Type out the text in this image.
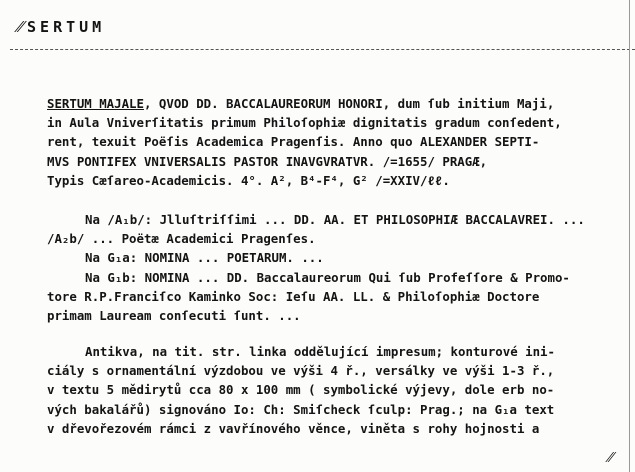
⁄⁄ SERTUM
SERTUM MAJALE, QVOD DD. BACCALAUREORUM HONORI, dum ſub initium Maji,
in Aula Vniverſitatis primum Philoſophiæ dignitatis gradum conſedent,
rent, texuit Poëſis Academica Pragenſis. Anno quo ALEXANDER SEPTI-
MVS PONTIFEX VNIVERSALIS PASTOR INAVGVRATVR. /=1655/ PRAGÆ,
Typis Cæſareo-Academicis. 4°. A², B⁴-F⁴, G² /=XXIV/ℓℓ.
Na /A₁b/: Jlluſtriſſimi ... DD. AA. ET PHILOSOPHIÆ BACCALAVREI. ...
/A₂b/ ... Poëtæ Academici Pragenſes.
Na G₁a: NOMINA ... POETARUM. ...
Na G₁b: NOMINA ... DD. Baccalaureorum Qui ſub Profeſſore & Promo-
tore R.P.Franciſco Kaminko Soc: Ieſu AA. LL. & Philoſophiæ Doctore
primam Lauream conſecuti ſunt. ...
Antikva, na tit. str. linka oddělující impresum; konturové ini-
ciály s ornamentální výzdobou ve výši 4 ř., versálky ve výši 1-3 ř.,
v textu 5 mědirytů cca 80 x 100 mm ( symbolické výjevy, dole erb no-
vých bakalářů) signováno Io: Ch: Smiſcheck ſculp: Prag.; na G₁a text
v dřevořezovém rámci z vavřínového věnce, viněta s rohy hojnosti a
⁄⁄
